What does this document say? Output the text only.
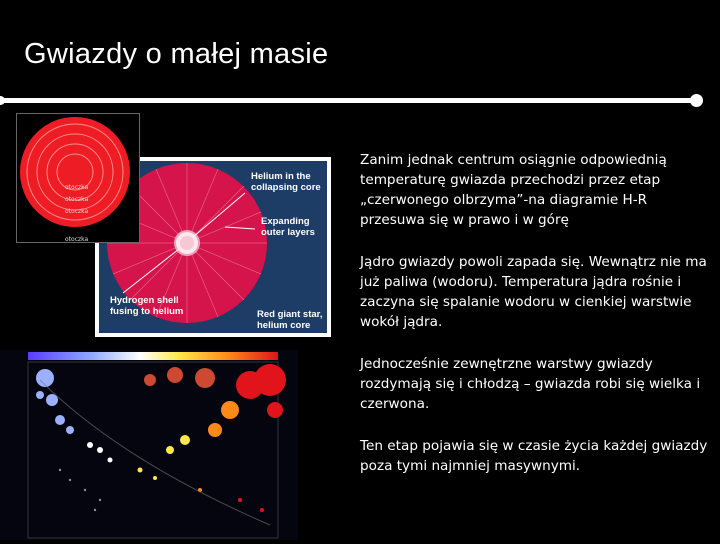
Gwiazdy o małej masie
Helium in the collapsing core
Expanding outer layers
Hydrogen shell fusing to helium	Red giant star, helium core
otoczka
otoczka
otoczka
otoczka

Zanim jednak centrum osiągnie odpowiednią temperaturę gwiazda przechodzi przez etap „czerwonego olbrzyma”-na diagramie H-R przesuwa się w prawo i w górę

Jądro gwiazdy powoli zapada się. Wewnątrz nie ma już paliwa (wodoru). Temperatura jądra rośnie i zaczyna się spalanie wodoru w cienkiej warstwie wokół jądra.

Jednocześnie zewnętrzne warstwy gwiazdy rozdymają się i chłodzą – gwiazda robi się wielka i czerwona.

Ten etap pojawia się w czasie życia każdej gwiazdy poza tymi najmniej masywnymi.
